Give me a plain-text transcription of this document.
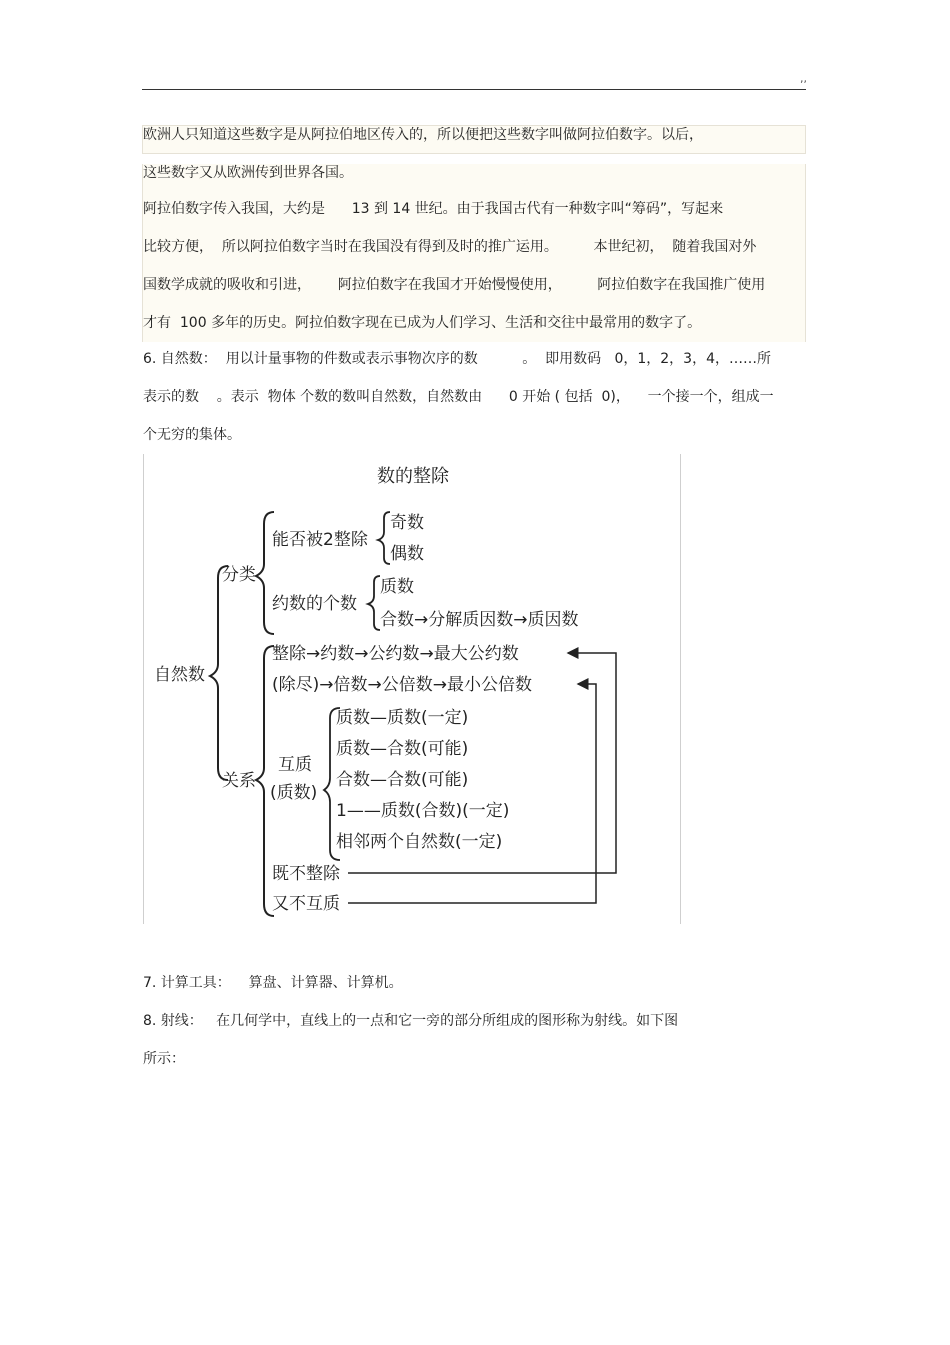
,,
欧洲人只知道这些数字是从阿拉伯地区传入的，所以便把这些数字叫做阿拉伯数字。以后，
这些数字又从欧洲传到世界各国。
阿拉伯数字传入我国，大约是      13 到 14 世纪。由于我国古代有一种数字叫“筹码”，写起来
比较方便，  所以阿拉伯数字当时在我国没有得到及时的推广运用。        本世纪初，  随着我国对外
国数学成就的吸收和引进，      阿拉伯数字在我国才开始慢慢使用，        阿拉伯数字在我国推广使用
才有  100 多年的历史。阿拉伯数字现在已成为人们学习、生活和交往中最常用的数字了。
6. 自然数：  用以计量事物的件数或表示事物次序的数          。  即用数码   0，1，2，3，4，……所
表示的数    。表示  物体 个数的数叫自然数，自然数由      0 开始 ( 包括  0)，    一个接一个，组成一
个无穷的集体。
数的整除
自然数
分类
关系
能否被2整除
奇数
偶数
约数的个数
质数
合数→分解质因数→质因数
整除→约数→公约数→最大公约数
(除尽)→倍数→公倍数→最小公倍数
互质
(质数)
质数—质数(一定)
质数—合数(可能)
合数—合数(可能)
1——质数(合数)(一定)
相邻两个自然数(一定)
既不整除
又不互质
7. 计算工具：    算盘、计算器、计算机。
8. 射线：   在几何学中，直线上的一点和它一旁的部分所组成的图形称为射线。如下图
所示：
